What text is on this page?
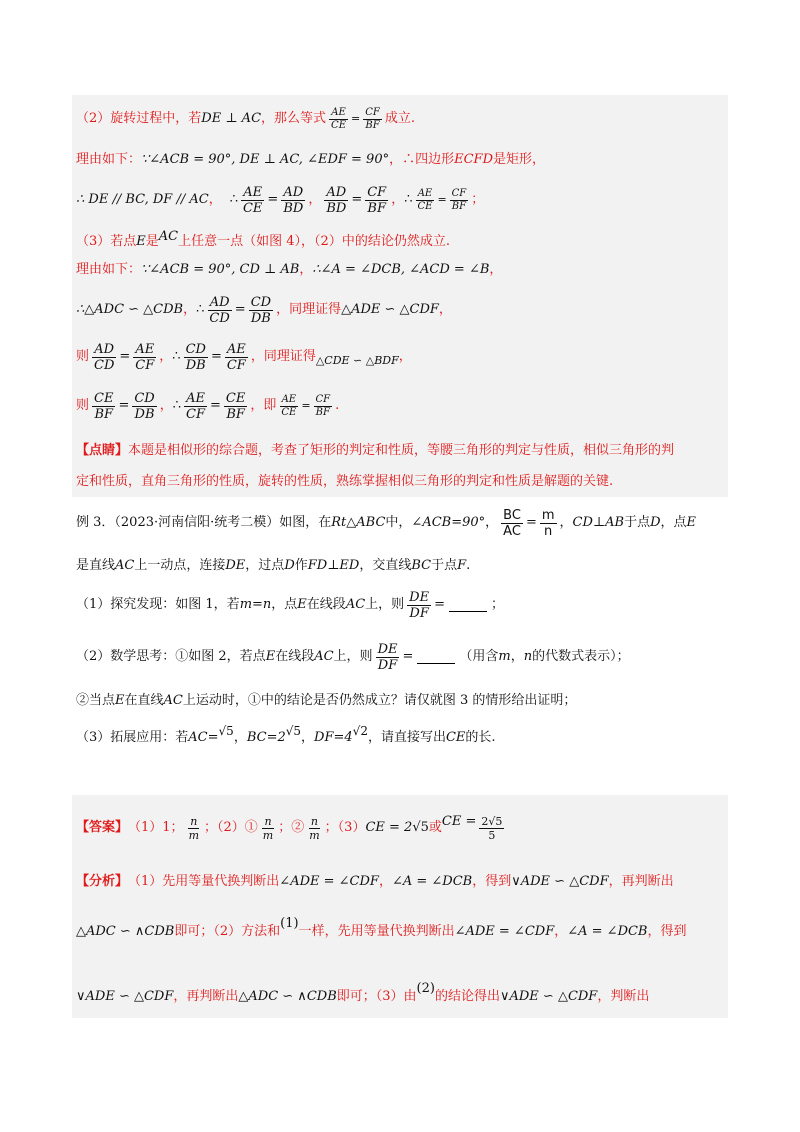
（2）旋转过程中，若 DE ⊥ AC ，那么等式 $\frac{AE}{CE} = \frac{CF}{BF}$ 成立.
理由如下： ∵∠ACB = 90°, DE ⊥ AC, ∠EDF = 90° ，∴四边形 ECFD 是矩形，
∴ DE // BC, DF // AC ， ∴ $\frac{AE}{CE} = \frac{AD}{BD}$ ， $\frac{AD}{BD} = \frac{CF}{BF}$ ， ∴ $\frac{AE}{CE} = \frac{CF}{BF}$ ；
（3）若点 E 是 AC 上任意一点（如图 4），（2）中的结论仍然成立.
理由如下： ∵∠ACB = 90°, CD ⊥ AB ， ∴∠A = ∠DCB, ∠ACD = ∠B ，
∴△ADC ∽ △CDB ， ∴ $\frac{AD}{CD} = \frac{CD}{DB}$ ，同理证得 △ADE ∽ △CDF ，
则 $\frac{AD}{CD} = \frac{AE}{CF}$ ， ∴ $\frac{CD}{DB} = \frac{AE}{CF}$ ，同理证得 △CDE ∽ △BDF ，
则 $\frac{CE}{BF} = \frac{CD}{DB}$ ， ∴ $\frac{AE}{CF} = \frac{CE}{BF}$ ，即 $\frac{AE}{CE} = \frac{CF}{BF}$ .
【点睛】 本题是相似形的综合题，考查了矩形的判定和性质，等腰三角形的判定与性质，相似三角形的判
定和性质，直角三角形的性质，旋转的性质，熟练掌握相似三角形的判定和性质是解题的关键.
例 3．（2023·河南信阳·统考二模）如图，在 Rt△ABC 中， ∠ACB=90° ， $\frac{BC}{AC} = \frac{m}{n}$ ， CD⊥AB 于点 D ，点 E
是直线 AC 上一动点，连接 DE ，过点 D 作 FD⊥ED ，交直线 BC 于点 F .
（1）探究发现：如图 1，若 m=n ，点 E 在线段 AC 上，则 $\frac{DE}{DF}$ =	；
（2）数学思考：①如图 2，若点 E 在线段 AC 上，则 $\frac{DE}{DF}$ =	（用含 m ， n 的代数式表示）；
②当点 E 在直线 AC 上运动时，①中的结论是否仍然成立？请仅就图 3 的情形给出证明；
（3）拓展应用：若 AC= √5 ， BC=2 √5 ， DF=4 √2 ，请直接写出 CE 的长.
【答案】 （1）1； $\frac{n}{m}$ ；（2）① $\frac{n}{m}$ ；② $\frac{n}{m}$ ；（3） CE = 2 √5 或 CE = $\frac{2√5}{5}$
【分析】 （1）先用等量代换判断出 ∠ADE = ∠CDF ， ∠A = ∠DCB ，得到 ∨ADE ∽ △CDF ，再判断出
△ADC ∽ ∧CDB 即可；（2）方法和
(1)
一样，先用等量代换判断出 ∠ADE = ∠CDF ， ∠A = ∠DCB ，得到
∨ADE ∽ △CDF ，再判断出 △ADC ∽ ∧CDB 即可；（3）由
(2)
的结论得出 ∨ADE ∽ △CDF ，判断出
